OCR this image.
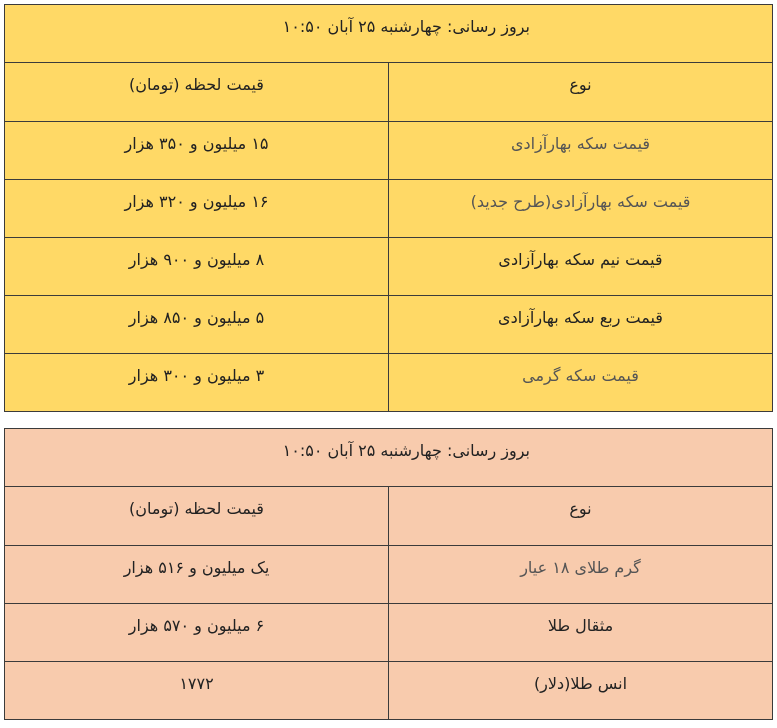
بروز رسانی: چهارشنبه ۲۵ آبان ۱۰:۵۰	
نوع	قیمت لحظه (تومان)
قیمت سکه بهارآزادی	۱۵ میلیون و ۳۵۰ هزار
قیمت سکه بهارآزادی(طرح جدید)	۱۶ میلیون و ۳۲۰ هزار
قیمت نیم سکه بهارآزادی	۸ میلیون و ۹۰۰ هزار
قیمت ربع سکه بهارآزادی	۵ میلیون و ۸۵۰ هزار
قیمت سکه گرمی	۳ میلیون و ۳۰۰ هزار
بروز رسانی: چهارشنبه ۲۵ آبان ۱۰:۵۰	
نوع	قیمت لحظه (تومان)
گرم طلای ۱۸ عیار	یک میلیون و ۵۱۶ هزار
مثقال طلا	۶ میلیون و ۵۷۰ هزار
انس طلا(دلار)	۱۷۷۲
